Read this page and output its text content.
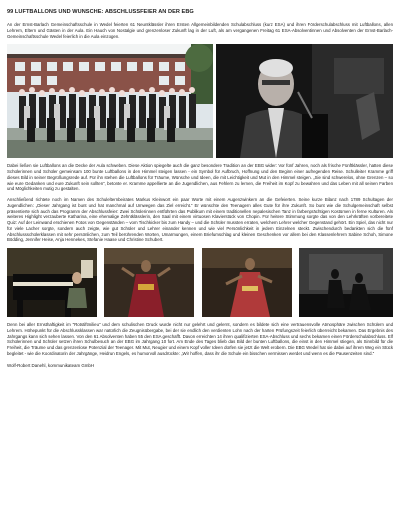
99 LUFTBALLONS UND WÜNSCHE: ABSCHLUSSFEIER AN DER EBG

An der Ernst-Barlach Gemeinschaftsschule in Wedel feierten 61 Neuntklässler ihren Ersten Allgemeinbildenden Schulabschluss (kurz ESA) und ihren Förderschulabschluss mit Luftballons, allen Lehrern, Eltern und Gästen in der Aula. Ein Hauch von Nostalgie und grenzenloser Zukunft lag in der Luft, als am vergangenen Freitag 61 ESA-Absolventinnen und Absolventen der Ernst-Barlach-Gemeinschaftsschule Wedel feierlich in die Aula einzogen.

Dabei ließen sie Luftballons an die Decke der Aula schweben. Diese Aktion spiegelte auch die ganz besondere Tradition an der EBG wider: Vor fünf Jahren, noch als frische Fünftklässler, hatten diese Schülerinnen und Schüler gemeinsam 100 bunte Luftballons in den Himmel steigen lassen - ein Symbol für Aufbruch, Hoffnung und den Beginn einer aufregenden Reise. Schulleiter Kramme griff dieses Bild in seiner Begrüßungsrede auf. Für ihn stehen die Luftballons für Träume, Wünsche und Ideen, die mit Leichtigkeit und Mut in den Himmel steigen. „Sie sind schwerelos, ohne Grenzen – so wie eure Gedanken und eure Zukunft sein sollten“, betonte er. Kramme appellierte an die Jugendlichen, aus Fehlern zu lernen, die Freiheit im Kopf zu bewahren und das Leben mit all seinen Farben und Möglichkeiten mutig zu gestalten.

Anschließend richtete noch im Namen des Schulelternbeirates Markus Kleinwort ein paar Worte mit einem Augenzwinkern an die Gefeierten. Seine kurze Bilanz nach 1789 Schultagen der Jugendlichen: „Dieser Jahrgang ist bunt und hat manchmal auf Umwegen das Ziel erreicht.“ Er wünschte den Teenagern alles Gute für ihre Zukunft. So bunt wie die Schulgemeinschaft selbst präsentierte sich auch das Programm der Abschlussfeier: Zwei Schülerinnen entführten das Publikum mit einem traditionellen nepalesischen Tanz in farbenprächtigen Kostümen in ferne Kulturen. Als weiteres Highlight verzauberte Katharina, eine ehemalige Zehntklässlerin, den Saal mit einem virtuosen Klavierstück von Chopin. Für heitere Stimmung sorgte das von den Lehrkräften vorbereitete Quiz: Auf der Leinwand erschienen Fotos von Gegenständen – vom Tischkicker bis zum Handy – und die Schüler mussten erraten, welchem Lehrer welcher Gegenstand gehört. Ein Spiel, das nicht nur für viele Lacher sorgte, sondern auch zeigte, wie gut Schüler und Lehrer einander kennen und wie viel Persönlichkeit in jedem Einzelnen steckt. Zwischendurch bedankten sich die fünf Abschlussschülerklassen mit sehr persönlichen, zum Teil berührenden Worten, Umarmungen, einem Briefumschlag und kleinen Geschenken vor allem bei den Klassenlehrern Sabine Schoh, Simone Bödding, Jennifer Heise, Anja Hennekes, Stefanie Haase und Christine Schubert.

Denn bei aller Ernsthaftigkeit im "Rotstiftmilieu" und dem schulischen Druck wurde nicht nur gelehrt und gelernt, sondern es bildete sich eine vertrauensvolle Atmosphäre zwischen Schülern und Lehrern. Höhepunkt für die Abschlussklassen war natürlich die Zeugnisübergabe, bei der sie endlich den verdienten Lohn nach der harten Prüfungszeit feierlich überreicht bekamen. Das Ergebnis des Jahrgangs kann sich sehen lassen. Von den 61 Absolventen haben 55 den ESA geschafft. Davon erreichten 14 ihren qualifizierten ESA-Abschluss und sechs bekamen einen Förderschulabschluss. Elf Schülerinnen und Schüler setzen ihren Schulbesuch an der EBG im Jahrgang 10 fort. Am Ende des Tages blieb das Bild der bunten Luftballons, die einst in den Himmel stiegen, als Sinnbild für die Freiheit, die Träume und das grenzenlose Potenzial der Teenager. Mit Mut, Neugier und einem Kopf voller Ideen dürfen sie jetzt die Welt erobern. Die EBG Wedel hat sie dabei auf ihrem Weg ein Stück begleitet - wie die Koordinatorin der Jahrgänge, Heidrun Engels, es humorvoll ausdrückte: „Wir hoffen, dass ihr die Schule ein bisschen vermissen werdet und wenn es die Pausenzeiten sind.“

Wolf-Robert Danehl, kommunikateam GmbH
